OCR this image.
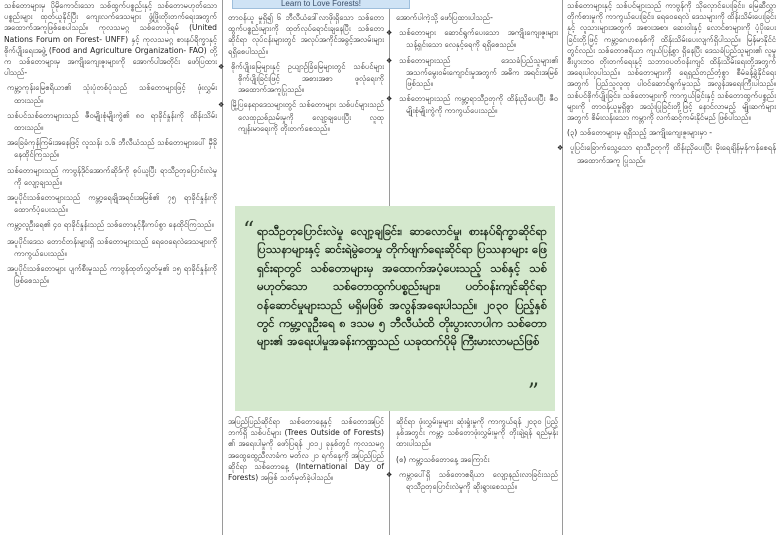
Learn to Love Forests!

သစ်တောများမှ ပိုမိုကောင်းသော သစ်ထွက်ပစ္စည်းနှင့် သစ်တောမဟုတ်သော ပစ္စည်းများ ထုတ်ယူနိုင်ပြီး ကျေးလက်ဒေသများ ဖွံ့ဖြိုးတိုးတက်ရေးအတွက် အထောက်အကူဖြစ်စေပါသည်။ ကုလသမဂ္ဂ သစ်တောဖိုရမ် (United Nations Forum on Forest- UNFF) နှင့် ကုလသမဂ္ဂ စားနပ်ရိက္ခာနှင့် စိုက်ပျိုးရေးအဖွဲ့ (Food and Agriculture Organization- FAO) တို့က သစ်တောများမှ အကျိုးကျေးဇူးများကို အောက်ပါအတိုင်း ဖော်ပြထားပါသည်-

ကမ္ဘာ့ကုန်းမြေဧရိယာ၏ သုံးပုံတစ်ပုံသည် သစ်တောများဖြင့် ဖုံးလွှမ်းထားသည်။

သစ်ပင်သစ်တောများသည် ဇီဝမျိုးစုံမျိုးကွဲ၏ ၈၀ ရာခိုင်နှုန်းကို ထိန်းသိမ်းထားသည်။

အခြေခံကုန်ကြမ်းအနေဖြင့် လူသန်း ၁.၆ ဘီလီယံသည် သစ်တောများပေါ် မှီခိုနေထိုင်ကြသည်။

သစ်တောများသည် ကာဗွန်ဒိုင်အောက်ဆိုဒ်ကို စုပ်ယူပြီး ရာသီဥတုပြောင်းလဲမှုကို လျော့ချသည်။

အပူပိုင်းသစ်တောများသည် ကမ္ဘာ့ရေချိုအရင်းအမြစ်၏ ၇၅ ရာခိုင်နှုန်းကို ထောက်ပံ့ပေးသည်။

ကမ္ဘာ့လူဦးရေ၏ ၄၀ ရာခိုင်နှုန်းသည် သစ်တောနှင့်နီးကပ်စွာ နေထိုင်ကြသည်။

အပူပိုင်းဒေသ တောင်တန်းများရှိ သစ်တောများသည် ရေဝေရေလဲဒေသများကို ကာကွယ်ပေးသည်။

အပူပိုင်းသစ်တောများ ပျက်စီးမှုသည် ကာဗွန်ထုတ်လွှတ်မှု၏ ၁၅ ရာခိုင်နှုန်းကို ဖြစ်စေသည်။

တာဝန်ယူ မှုရှိ၍ ၆ ဘီလီယံဒေါ်လာဖိုးရှိသော သစ်တောထွက်ပစ္စည်းများကို ထုတ်လုပ်ရောင်းချနေပြီး သစ်တောဆိုင်ရာ လုပ်ငန်းများတွင် အလုပ်အကိုင်အခွင့်အလမ်းများ ရရှိစေပါသည်။

❖ စိုက်ပျိုးမြေများနှင့် ဥယျာဉ်ခြံမြေများတွင် သစ်ပင်များ စိုက်ပျိုးခြင်းဖြင့် အစားအစာ ဖူလုံရေးကို အထောက်အကူပြုသည်။

❖ မြို့ပြနေရာဒေသများတွင် သစ်တောများ သစ်ပင်များသည် လေထုညစ်ညမ်းမှုကို လျော့ချပေးပြီး လူထုကျန်းမာရေးကို တိုးတက်စေသည်။

အောက်ပါကဲ့သို့ ဖော်ပြထားပါသည်-

❖ သစ်တောများ ဆောင်ရွက်ပေးသော အကျိုးကျေးဇူးများ သန့်ရှင်းသော လေနှင့်ရေကို ရရှိစေသည်။

❖ သစ်တောများသည် ဒေသခံပြည်သူများ၏ အသက်မွေးဝမ်းကျောင်းမှုအတွက် အဓိက အရင်းအမြစ် ဖြစ်သည်။

❖ သစ်တောများသည် ကမ္ဘာ့ရာသီဥတုကို ထိန်းညှိပေးပြီး ဇီဝမျိုးစုံမျိုးကွဲကို ကာကွယ်ပေးသည်။

“ ရာသီဥတုပြောင်းလဲမှု လျော့ချခြင်း၊ ဆာလောင်မှု၊ စားနပ်ရိက္ခာဆိုင်ရာ ပြဿနာများနှင့် ဆင်းရဲမွဲတေမှု တိုက်ဖျက်ရေးဆိုင်ရာ ပြဿနာများ ဖြေရှင်းရာတွင် သစ်တောများမှ အထောက်အပံ့ပေးသည့် သစ်နှင့် သစ်မဟုတ်သော သစ်တောထွက်ပစ္စည်းများ၊ ပတ်ဝန်းကျင်ဆိုင်ရာ ဝန်ဆောင်မှုများသည် မရှိမဖြစ် အလွန်အရေးပါသည်။ ၂၀၃၀ ပြည့်နှစ်တွင် ကမ္ဘာ့လူဦးရေ ၈ ဒသမ ၅ ဘီလီယံထိ တိုးပွားလာပါက သစ်တောများ၏ အရေးပါမှုအခန်းကဏ္ဍသည် ယခုထက်ပိုမို ကြီးမားလာမည်ဖြစ်
”

အပြည်ပြည်ဆိုင်ရာ သစ်တောနေ့နှင့် သစ်တောအပြင်ဘက်ရှိ သစ်ပင်များ (Trees Outside of Forests) ၏ အရေးပါမှုကို ဖော်ပြရန် ၂၀၁၂ ခုနှစ်တွင် ကုလသမဂ္ဂ အထွေထွေညီလာခံက မတ်လ ၂၁ ရက်နေ့ကို အပြည်ပြည်ဆိုင်ရာ သစ်တောနေ့ (International Day of Forests) အဖြစ် သတ်မှတ်ခဲ့ပါသည်။

ဆိုင်ရာ ဖုံးလွှမ်းမှုများ ဆုံးရှုံးမှုကို ကာကွယ်ရန် ၂၀၃၀ ပြည့်နှစ်အတွင်း ကမ္ဘာ့ သစ်တောဖုံးလွှမ်းမှုကို တိုးချဲ့ရန် ရည်မှန်းထားပါသည်။

(စ) ကမ္ဘာ့သစ်တောနေ့ အကြောင်း

❖ ကမ္ဘာပေါ်ရှိ သစ်တောဧရိယာ လျော့နည်းလာခြင်းသည် ရာသီဥတုပြောင်းလဲမှုကို ဆိုးရွားစေသည်။

သစ်တောများနှင့် သစ်ပင်များသည် ကာဗွန်ကို သိုလှောင်ပေးခြင်း၊ မြေဆီလွှာ တိုက်စားမှုကို ကာကွယ်ပေးခြင်း၊ ရေဝေရေလဲ ဒေသများကို ထိန်းသိမ်းပေးခြင်းနှင့် လူသားများအတွက် အစားအစာ၊ ဆေးဝါးနှင့် လောင်စာများကို ပံ့ပိုးပေးခြင်းတို့ဖြင့် ကမ္ဘာ့ဂေဟစနစ်ကို ထိန်းသိမ်းပေးလျက်ရှိပါသည်။ မြန်မာနိုင်ငံတွင်လည်း သစ်တောဧရိယာ ကျယ်ပြန့်စွာ ရှိနေပြီး ဒေသခံပြည်သူများ၏ လူမှုစီးပွားဘဝ တိုးတက်ရေးနှင့် သဘာဝပတ်ဝန်းကျင် ထိန်းသိမ်းရေးတို့အတွက် အရေးပါလှပါသည်။ သစ်တောများကို ရေရှည်တည်တံ့စွာ စီမံခန့်ခွဲနိုင်ရေးအတွက် ပြည်သူလူထု ပါဝင်ဆောင်ရွက်မှုသည် အလွန်အရေးကြီးပါသည်။ သစ်ပင်စိုက်ပျိုးခြင်း၊ သစ်တောများကို ကာကွယ်ခြင်းနှင့် သစ်တောထွက်ပစ္စည်းများကို တာဝန်ယူမှုရှိစွာ အသုံးပြုခြင်းတို့ဖြင့် နောင်လာမည့် မျိုးဆက်များအတွက် စိမ်းလန်းသော ကမ္ဘာကို လက်ဆင့်ကမ်းနိုင်မည် ဖြစ်ပါသည်။

(၃) သစ်တောများမှ ရရှိသည့် အကျိုးကျေးဇူးများမှာ -

❖ ပူပြင်းခြောက်သွေ့သော ရာသီဥတုကို ထိန်းညှိပေးပြီး မိုးရေချိန်မှန်ကန်စေရန် အထောက်အကူ ပြုသည်။
